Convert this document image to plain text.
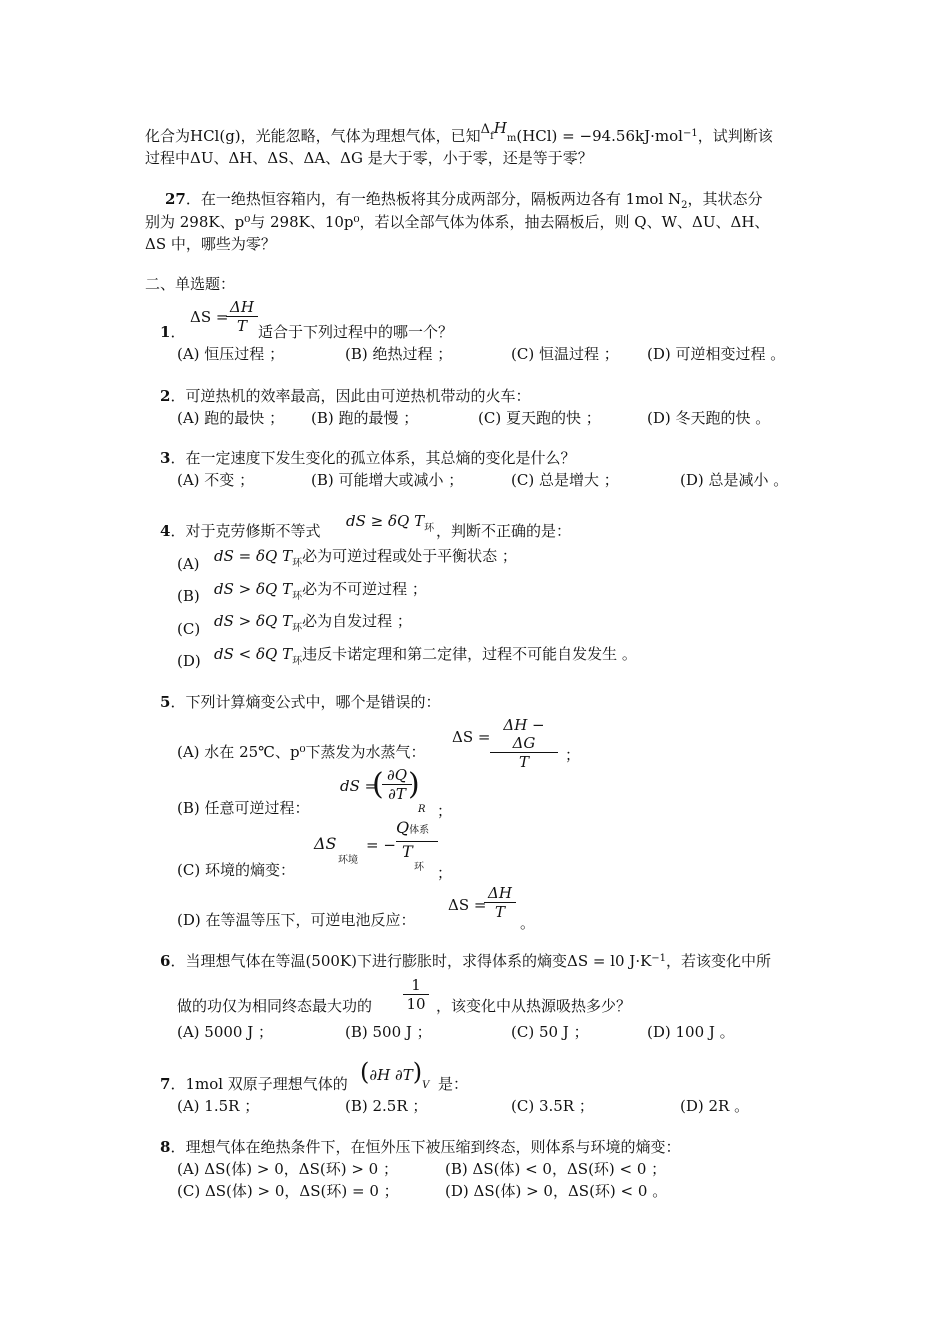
化合为HCl(g)，光能忽略，气体为理想气体，已知ΔfHm(HCl) = −94.56kJ·mol$^{-1}$，试判断该
过程中ΔU、ΔH、ΔS、ΔA、ΔG 是大于零，小于零，还是等于零？
27．在一绝热恒容箱内，有一绝热板将其分成两部分，隔板两边各有 1mol $N_2$，其状态分
别为 298K、p⁰与 298K、10p⁰，若以全部气体为体系，抽去隔板后，则 Q、W、ΔU、ΔH、
ΔS 中，哪些为零？
二、单选题：
ΔS =
$\frac{\Delta H}{T}$
1．	适合于下列过程中的哪一个？
(A) 恒压过程 ；	(B) 绝热过程 ；	(C) 恒温过程 ； (D) 可逆相变过程 。
2．可逆热机的效率最高，因此由可逆热机带动的火车：
(A) 跑的最快 ； (B) 跑的最慢 ；	(C) 夏天跑的快 ；	(D) 冬天跑的快 。
3．在一定速度下发生变化的孤立体系，其总熵的变化是什么？
(A) 不变 ；	(B) 可能增大或减小 ；	(C) 总是增大 ；	(D) 总是减小 。
dS ≥ δQ $T_环$
4．对于克劳修斯不等式	，判断不正确的是：
(A) dS = δQ $T_环$必为可逆过程或处于平衡状态 ；
(B) dS > δQ $T_环$必为不可逆过程 ；
(C) dS > δQ $T_环$必为自发过程 ；
(D) dS < δQ $T_环$违反卡诺定理和第二定律，过程不可能自发发生 。
5．下列计算熵变公式中，哪个是错误的：
(A) 水在 25℃、p⁰下蒸发为水蒸气：
$\Delta S = \frac{\Delta H - \Delta G}{T}$ ；
(B) 任意可逆过程：
dS =
(
$\frac{\partial Q}{\partial T}$
)
R ；
(C) 环境的熵变：
ΔS
环境
= −
Q体系
T
环 ；
(D) 在等温等压下，可逆电池反应：
ΔS =
$\frac{\Delta H}{T}$
。
6．当理想气体在等温(500K)下进行膨胀时，求得体系的熵变ΔS = l0 $J\cdot K^{-1}$，若该变化中所
做的功仅为相同终态最大功的 $\frac{1}{10}$ ，该变化中从热源吸热多少？
(A) 5000 J ；	(B) 500 J ；	(C) 50 J ；	(D) 100 J 。
7．1mol 双原子理想气体的 (∂H $\partial T)_V$ 是：
(A) 1.5R ；	(B) 2.5R ；	(C) 3.5R ；	(D) 2R 。
8．理想气体在绝热条件下，在恒外压下被压缩到终态，则体系与环境的熵变：
(A) ΔS(体) > 0，ΔS(环) > 0 ；	(B) ΔS(体) < 0，ΔS(环) < 0 ；
(C) ΔS(体) > 0，ΔS(环) = 0 ；	(D) ΔS(体) > 0，ΔS(环) < 0 。
